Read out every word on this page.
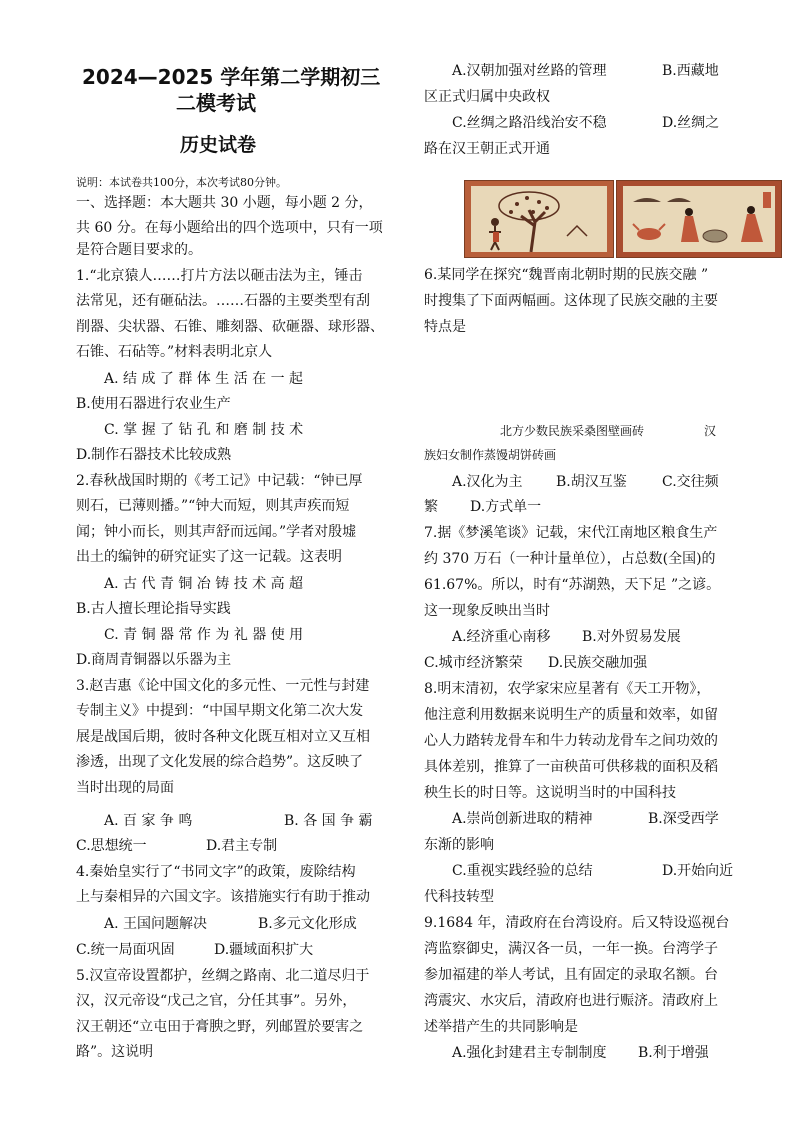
2024—2025 学年第二学期初三
二模考试
历史试卷
说明：本试卷共100分，本次考试80分钟。
一、选择题：本大题共 30 小题，每小题 2 分，
共 60 分。在每小题给出的四个选项中，只有一项
是符合题目要求的。
1.“北京猿人……打片方法以砸击法为主，锤击
法常见，还有砸砧法。……石器的主要类型有刮
削器、尖状器、石锥、雕刻器、砍砸器、球形器、
石锥、石砧等。”材料表明北京人
A. 结 成 了 群 体 生 活 在 一 起
B.使用石器进行农业生产
C. 掌 握 了 钻 孔 和 磨 制 技 术
D.制作石器技术比较成熟
2.春秋战国时期的《考工记》中记载：“钟已厚
则石，已薄则播。”“钟大而短，则其声疾而短
闻；钟小而长，则其声舒而远闻。”学者对殷墟
出土的编钟的研究证实了这一记载。这表明
A. 古 代 青 铜 冶 铸 技 术 高 超
B.古人擅长理论指导实践
C. 青 铜 器 常 作 为 礼 器 使 用
D.商周青铜器以乐器为主
3.赵吉惠《论中国文化的多元性、一元性与封建
专制主义》中提到：“中国早期文化第二次大发
展是战国后期，彼时各种文化既互相对立又互相
渗透，出现了文化发展的综合趋势”。这反映了
当时出现的局面
A. 百 家 争 鸣	B. 各 国 争 霸
C.思想统一	D.君主专制
4.秦始皇实行了“书同文字”的政策，废除结构
上与秦相异的六国文字。该措施实行有助于推动
A. 王国问题解决	B.多元文化形成
C.统一局面巩固	D.疆域面积扩大
5.汉宣帝设置都护，丝绸之路南、北二道尽归于
汉，汉元帝设“戊己之官，分任其事”。另外，
汉王朝还“立屯田于膏腴之野，列邮置於要害之
路”。这说明
A.汉朝加强对丝路的管理	B.西藏地
区正式归属中央政权
C.丝绸之路沿线治安不稳	D.丝绸之
路在汉王朝正式开通
6.某同学在探究“魏晋南北朝时期的民族交融 ”
时搜集了下面两幅画。这体现了民族交融的主要
特点是
北方少数民族采桑图壁画砖	汉
族妇女制作蒸馒胡饼砖画
A.汉化为主 B.胡汉互鉴	C.交往频
繁 D.方式单一
7.据《梦溪笔谈》记载，宋代江南地区粮食生产
约 370 万石（一种计量单位），占总数(全国)的
61.67%。所以，时有“苏湖熟，天下足 ”之谚。
这一现象反映出当时
A.经济重心南移 B.对外贸易发展
C.城市经济繁荣 D.民族交融加强
8.明末清初，农学家宋应星著有《天工开物》，
他注意利用数据来说明生产的质量和效率，如留
心人力踏转龙骨车和牛力转动龙骨车之间功效的
具体差别，推算了一亩秧苗可供移栽的面积及稻
秧生长的时日等。这说明当时的中国科技
A.崇尚创新进取的精神	B.深受西学
东渐的影响
C.重视实践经验的总结	D.开始向近
代科技转型
9.1684 年，清政府在台湾设府。后又特设巡视台
湾监察御史，满汉各一员，一年一换。台湾学子
参加福建的举人考试，且有固定的录取名额。台
湾震灾、水灾后，清政府也进行赈济。清政府上
述举措产生的共同影响是
A.强化封建君主专制制度 B.利于增强
